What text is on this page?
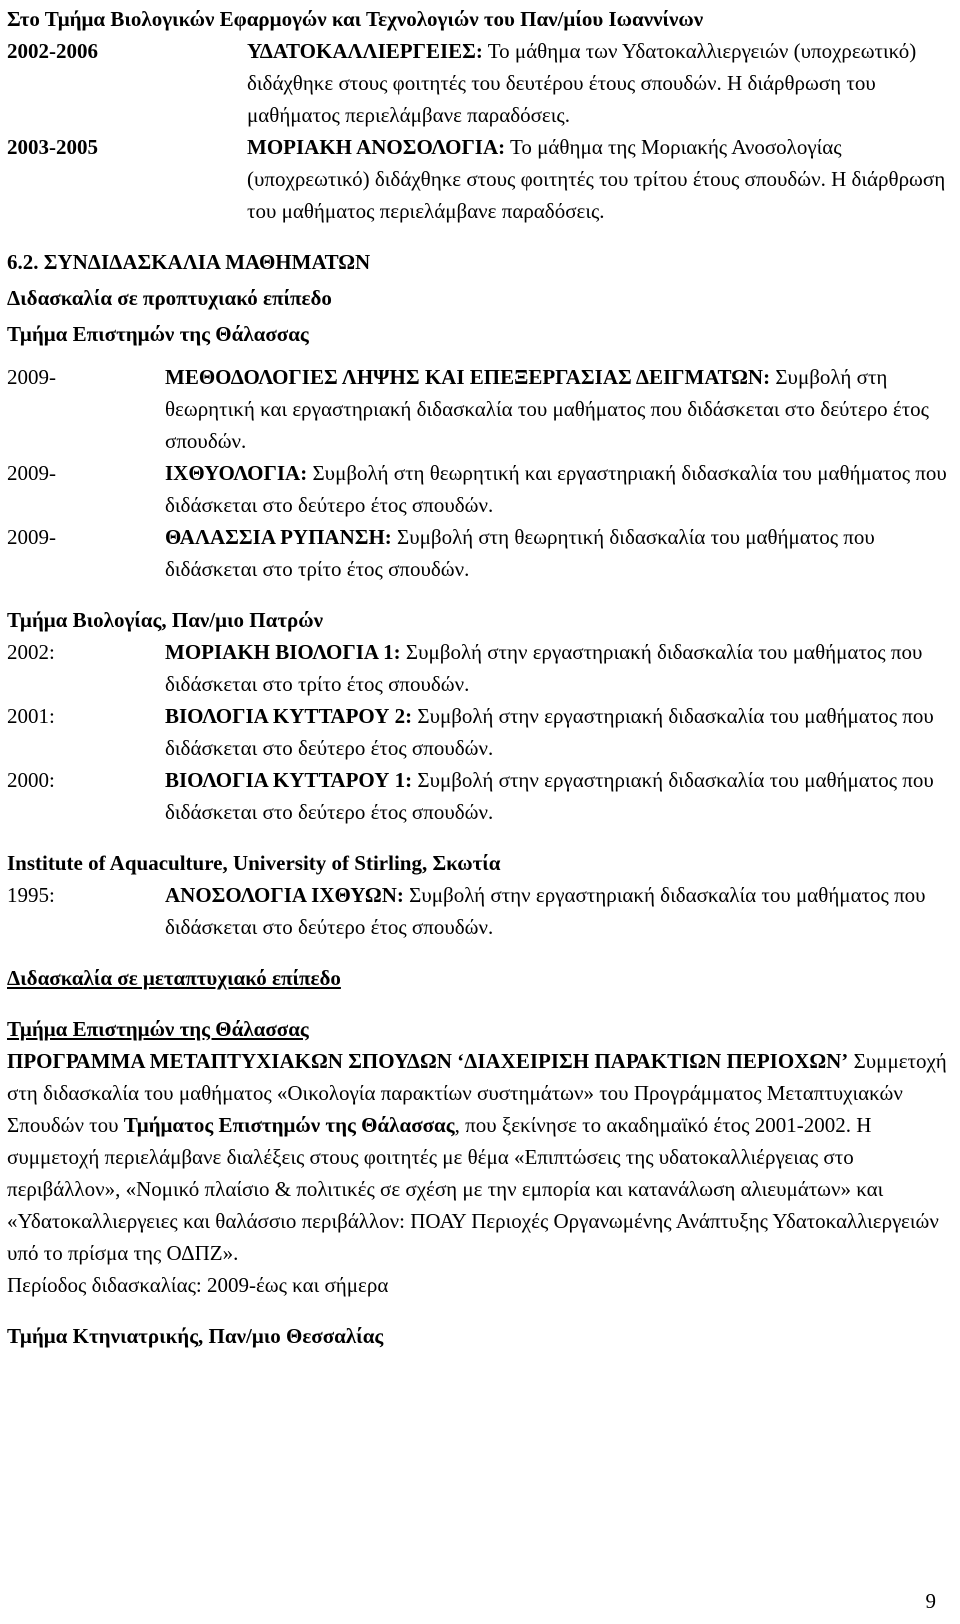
Στο Τμήμα Βιολογικών Εφαρμογών και Τεχνολογιών του Παν/μίου Ιωαννίνων
2002-2006	ΥΔΑΤΟΚΑΛΛΙΕΡΓΕΙΕΣ: Το μάθημα των Υδατοκαλλιεργειών (υποχρεωτικό) διδάχθηκε στους φοιτητές του δευτέρου έτους σπουδών. Η διάρθρωση του μαθήματος περιελάμβανε παραδόσεις.
2003-2005	ΜΟΡΙΑΚΗ ΑΝΟΣΟΛΟΓΙΑ: Το μάθημα της Μοριακής Ανοσολογίας (υποχρεωτικό) διδάχθηκε στους φοιτητές του τρίτου έτους σπουδών. Η διάρθρωση του μαθήματος περιελάμβανε παραδόσεις.
6.2. ΣΥΝΔΙΔΑΣΚΑΛΙΑ ΜΑΘΗΜΑΤΩΝ
Διδασκαλία σε προπτυχιακό επίπεδο
Τμήμα Επιστημών της Θάλασσας
2009-	ΜΕΘΟΔΟΛΟΓΙΕΣ ΛΗΨΗΣ ΚΑΙ ΕΠΕΞΕΡΓΑΣΙΑΣ ΔΕΙΓΜΑΤΩΝ: Συμβολή στη θεωρητική και εργαστηριακή διδασκαλία του μαθήματος που διδάσκεται στο δεύτερο έτος σπουδών.
2009-	ΙΧΘΥΟΛΟΓΙΑ: Συμβολή στη θεωρητική και εργαστηριακή διδασκαλία του μαθήματος που διδάσκεται στο δεύτερο έτος σπουδών.
2009-	ΘΑΛΑΣΣΙΑ ΡΥΠΑΝΣΗ: Συμβολή στη θεωρητική διδασκαλία του μαθήματος που διδάσκεται στο τρίτο έτος σπουδών.
Τμήμα Βιολογίας, Παν/μιο Πατρών
2002:	ΜΟΡΙΑΚΗ ΒΙΟΛΟΓΙΑ 1: Συμβολή στην εργαστηριακή διδασκαλία του μαθήματος που διδάσκεται στο τρίτο έτος σπουδών.
2001:	ΒΙΟΛΟΓΙΑ ΚΥΤΤΑΡΟΥ 2: Συμβολή στην εργαστηριακή διδασκαλία του μαθήματος που διδάσκεται στο δεύτερο έτος σπουδών.
2000:	ΒΙΟΛΟΓΙΑ ΚΥΤΤΑΡΟΥ 1: Συμβολή στην εργαστηριακή διδασκαλία του μαθήματος που διδάσκεται στο δεύτερο έτος σπουδών.
Institute of Aquaculture, University of Stirling, Σκωτία
1995:	ΑΝΟΣΟΛΟΓΙΑ ΙΧΘΥΩΝ: Συμβολή στην εργαστηριακή διδασκαλία του μαθήματος που διδάσκεται στο δεύτερο έτος σπουδών.
Διδασκαλία σε μεταπτυχιακό επίπεδο
Τμήμα Επιστημών της Θάλασσας
ΠΡΟΓΡΑΜΜΑ ΜΕΤΑΠΤΥΧΙΑΚΩΝ ΣΠΟΥΔΩΝ ‘ΔΙΑΧΕΙΡΙΣΗ ΠΑΡΑΚΤΙΩΝ ΠΕΡΙΟΧΩΝ’ Συμμετοχή στη διδασκαλία του μαθήματος «Οικολογία παρακτίων συστημάτων» του Προγράμματος Μεταπτυχιακών Σπουδών του Τμήματος Επιστημών της Θάλασσας, που ξεκίνησε το ακαδημαϊκό έτος 2001-2002. Η συμμετοχή περιελάμβανε διαλέξεις στους φοιτητές με θέμα «Επιπτώσεις της υδατοκαλλιέργειας στο περιβάλλον», «Νομικό πλαίσιο & πολιτικές σε σχέση με την εμπορία και κατανάλωση αλιευμάτων» και «Υδατοκαλλιεργειες και θαλάσσιο περιβάλλον: ΠΟΑΥ Περιοχές Οργανωμένης Ανάπτυξης Υδατοκαλλιεργειών υπό το πρίσμα της ΟΔΠΖ».
Περίοδος διδασκαλίας: 2009-έως και σήμερα
Τμήμα Κτηνιατρικής, Παν/μιο Θεσσαλίας
9
